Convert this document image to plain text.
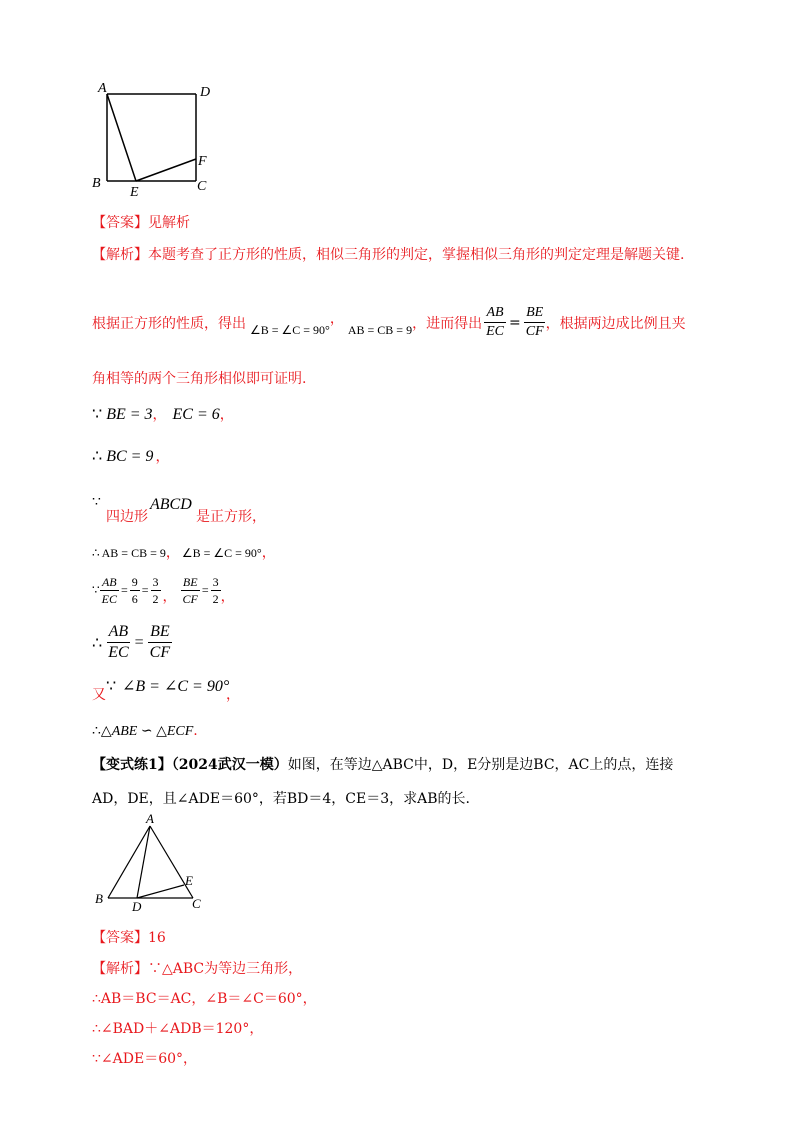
A	D
F
B
E	C
【答案】见解析
【解析】本题考查了正方形的性质，相似三角形的判定，掌握相似三角形的判定定理是解题关键.
根据正方形的性质，得出 ∠B = ∠C = 90°
，
AB = CB = 9 ，进而得出 $\frac{AB}{EC} = \frac{BE}{CF}$ ，根据两边成比例且夹
角相等的两个三角形相似即可证明.
∵ BE = 3 ， EC = 6 ，
∴ BC = 9 ，
∵
四边形
ABCD
是正方形，
∴ AB = CB = 9 ， ∠B = ∠C = 90° ，
∵ $\frac{AB}{EC} = \frac{9}{6} = \frac{3}{2}$ ， $\frac{BE}{CF} = \frac{3}{2}$ ，
∴ $\frac{AB}{EC} = \frac{BE}{CF}$
又 ∵ ∠B = ∠C = 90°
，
∴ △ABE ∽ △ECF .
【变式练1】（2024武汉一模）如图，在等边△ABC中，D，E分别是边BC，AC上的点，连接
AD，DE，且∠ADE＝60°，若BD＝4，CE＝3，求AB的长.
A
B
D
E
C
【答案】16
【解析】∵△ABC为等边三角形，
∴AB＝BC＝AC，∠B＝∠C＝60°，
∴∠BAD＋∠ADB＝120°，
∵∠ADE＝60°，
